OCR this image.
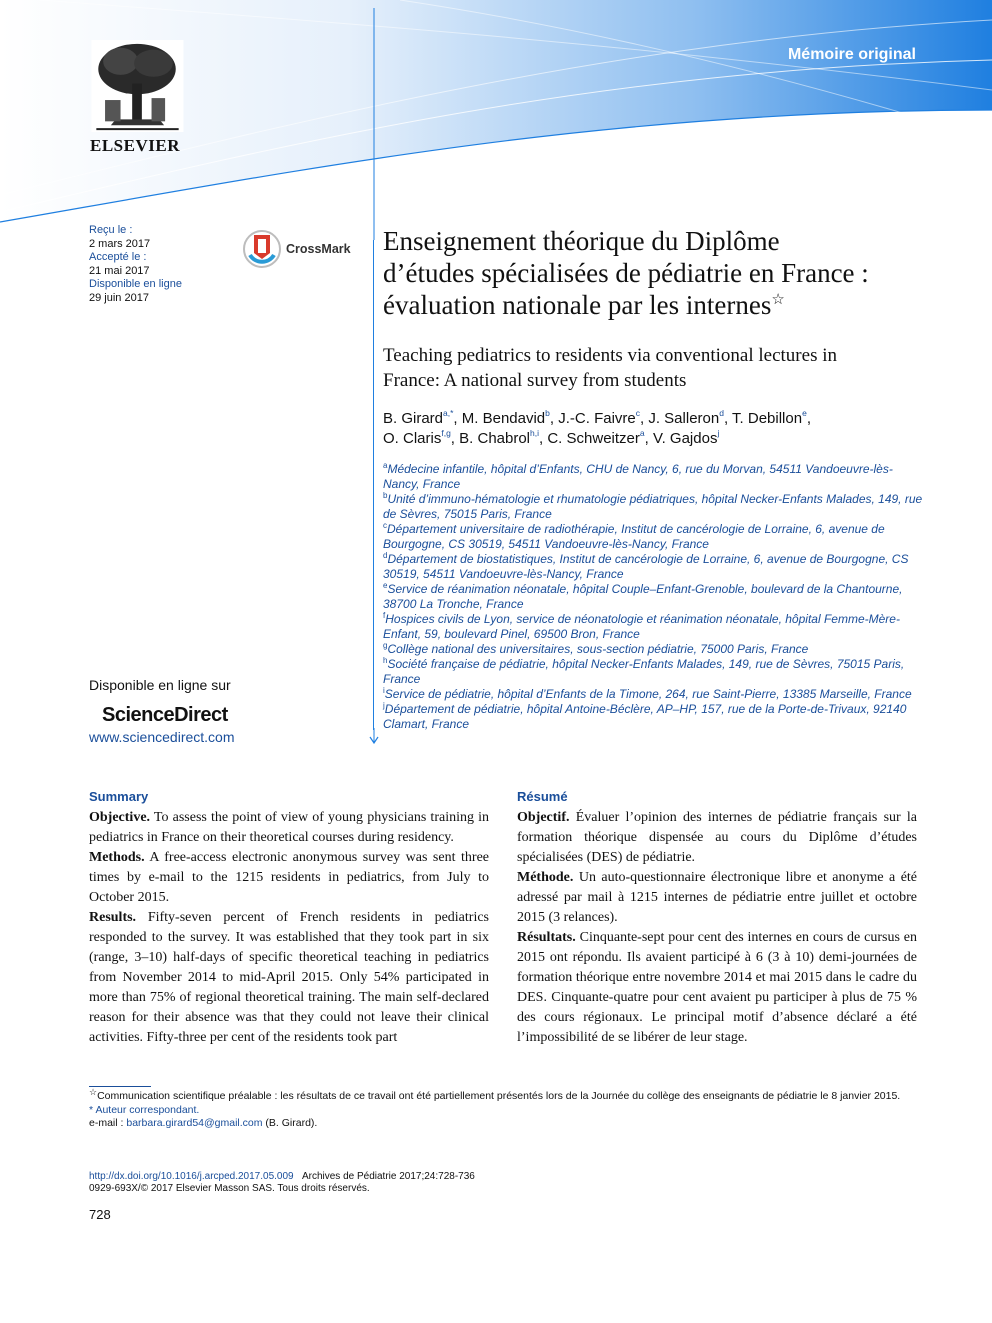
Mémoire original
ELSEVIER
Reçu le :
2 mars 2017
Accepté le :
21 mai 2017
Disponible en ligne
29 juin 2017
CrossMark Enseignement théorique du Diplôme
d’études spécialisées de pédiatrie en France :
évaluation nationale par les internes☆
Teaching pediatrics to residents via conventional lectures in
France: A national survey from students
B. Girard$^{a,*}$, M. Bendavid$^b$, J.-C. Faivre$^c$, J. Salleron$^d$, T. Debillon$^e$,
O. Claris$^{f,g}$, B. Chabrol$^{h,i}$, C. Schweitzer$^a$, V. Gajdos$^j$
$^a$Médecine infantile, hôpital d’Enfants, CHU de Nancy, 6, rue du Morvan, 54511 Vandoeuvre-lès-Nancy, France
$^b$Unité d’immuno-hématologie et rhumatologie pédiatriques, hôpital Necker-Enfants Malades, 149, rue de Sèvres, 75015 Paris, France
$^c$Département universitaire de radiothérapie, Institut de cancérologie de Lorraine, 6, avenue de Bourgogne, CS 30519, 54511 Vandoeuvre-lès-Nancy, France
$^d$Département de biostatistiques, Institut de cancérologie de Lorraine, 6, avenue de Bourgogne, CS 30519, 54511 Vandoeuvre-lès-Nancy, France
$^e$Service de réanimation néonatale, hôpital Couple–Enfant-Grenoble, boulevard de la Chantourne, 38700 La Tronche, France
$^f$Hospices civils de Lyon, service de néonatologie et réanimation néonatale, hôpital Femme-Mère-Enfant, 59, boulevard Pinel, 69500 Bron, France
$^g$Collège national des universitaires, sous-section pédiatrie, 75000 Paris, France
$^h$Société française de pédiatrie, hôpital Necker-Enfants Malades, 149, rue de Sèvres, 75015 Paris, France
$^i$Service de pédiatrie, hôpital d’Enfants de la Timone, 264, rue Saint-Pierre, 13385 Marseille, France
$^j$Département de pédiatrie, hôpital Antoine-Béclère, AP–HP, 157, rue de la Porte-de-Trivaux, 92140 Clamart, France
Disponible en ligne sur
ScienceDirect
www.sciencedirect.com
Summary

Objective. To assess the point of view of young physicians training in pediatrics in France on their theoretical courses during residency.

Methods. A free-access electronic anonymous survey was sent three times by e-mail to the 1215 residents in pediatrics, from July to October 2015.

Results. Fifty-seven percent of French residents in pediatrics responded to the survey. It was established that they took part in six (range, 3–10) half-days of specific theoretical teaching in pediatrics from November 2014 to mid-April 2015. Only 54% participated in more than 75% of regional theoretical training. The main self-declared reason for their absence was that they could not leave their clinical activities. Fifty-three per cent of the residents took part

Résumé

Objectif. Évaluer l’opinion des internes de pédiatrie français sur la formation théorique dispensée au cours du Diplôme d’études spécialisées (DES) de pédiatrie.

Méthode. Un auto-questionnaire électronique libre et anonyme a été adressé par mail à 1215 internes de pédiatrie entre juillet et octobre 2015 (3 relances).

Résultats. Cinquante-sept pour cent des internes en cours de cursus en 2015 ont répondu. Ils avaient participé à 6 (3 à 10) demi-journées de formation théorique entre novembre 2014 et mai 2015 dans le cadre du DES. Cinquante-quatre pour cent avaient pu participer à plus de 75 % des cours régionaux. Le principal motif d’absence déclaré a été l’impossibilité de se libérer de leur stage.

☆Communication scientifique préalable : les résultats de ce travail ont été partiellement présentés lors de la Journée du collège des enseignants de pédiatrie le 8 janvier 2015.

* Auteur correspondant.

e-mail : barbara.girard54@gmail.com (B. Girard).

http://dx.doi.org/10.1016/j.arcped.2017.05.009 Archives de Pédiatrie 2017;24:728-736

0929-693X/© 2017 Elsevier Masson SAS. Tous droits réservés.

728
